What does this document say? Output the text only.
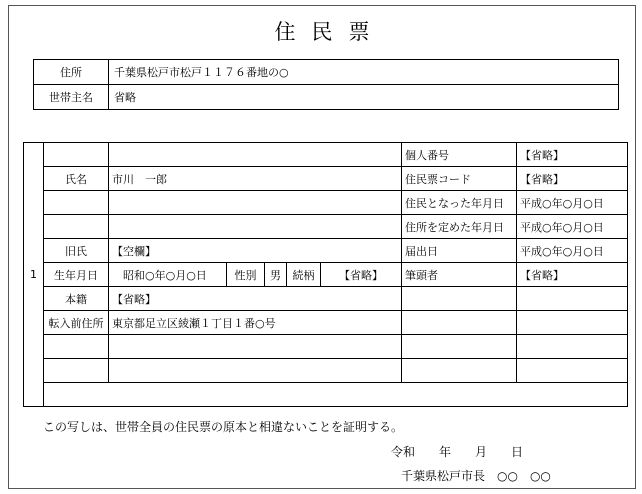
住民票
住所	千葉県松戸市松戸１１７６番地の○
世帯主名	省略
1			個人番号	【省略】
	氏名	市川　一郎	住民票コード	【省略】
			住民となった年月日	平成○年○月○日
			住所を定めた年月日	平成○年○月○日
	旧氏	【空欄】	届出日	平成○年○月○日
	生年月日	昭和○年○月○日 性別 男 続柄 【省略】	筆頭者	【省略】
	本籍	【省略】		
	転入前住所	東京都足立区綾瀬１丁目１番○号		

この写しは、世帯全員の住民票の原本と相違ないことを証明する。
令和　　年　　月　　日
千葉県松戸市長　○○　○○
